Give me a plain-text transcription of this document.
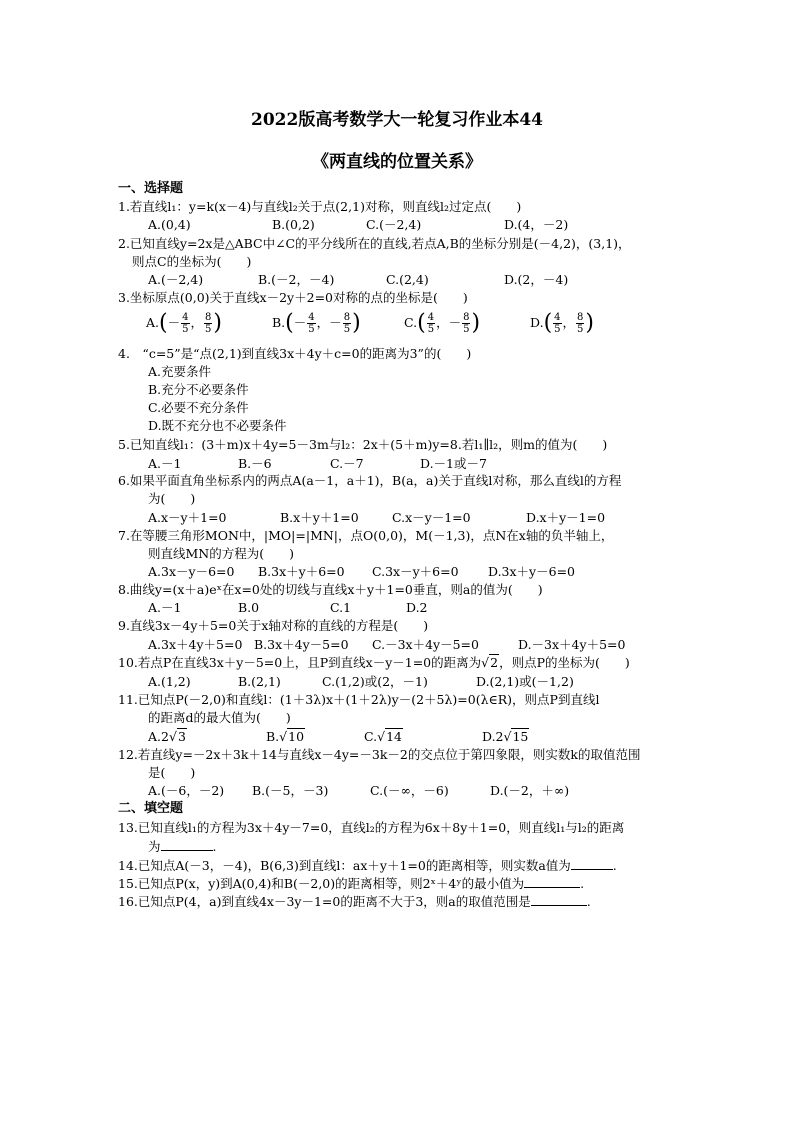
2022版高考数学大一轮复习作业本44
《两直线的位置关系》
一、选择题
1.若直线l₁：y=k(x－4)与直线l₂关于点(2,1)对称，则直线l₂过定点(　　)
A.(0,4)	B.(0,2)	C.(－2,4)	D.(4，－2)
2.已知直线y=2x是△ABC中∠C的平分线所在的直线,若点A,B的坐标分别是(－4,2)，(3,1)，
则点C的坐标为(　　)
A.(－2,4)	B.(－2，－4)	C.(2,4)	D.(2，－4)
3.坐标原点(0,0)关于直线x－2y＋2=0对称的点的坐标是(　　)
$A.(- \frac{4}{5}$ ， $\frac{8}{5}$ )	$B.(- \frac{4}{5}$ ，－ $\frac{8}{5}$ )	$C.( \frac{4}{5}$ ，－ $\frac{8}{5}$ )	$D.( \frac{4}{5}$ ， $\frac{8}{5}$ )
4.　“c=5”是“点(2,1)到直线3x＋4y＋c=0的距离为3”的(　　)
A.充要条件
B.充分不必要条件
C.必要不充分条件
D.既不充分也不必要条件
5.已知直线l₁：(3＋m)x＋4y=5－3m与l₂：2x＋(5＋m)y=8.若l₁∥l₂，则m的值为(　　)
A.－1	B.－6	C.－7	D.－1或－7
6.如果平面直角坐标系内的两点A(a－1，a＋1)，B(a，a)关于直线l对称，那么直线l的方程
为(　　)
A.x－y＋1=0	B.x＋y＋1=0	C.x－y－1=0	D.x＋y－1=0
7.在等腰三角形MON中，|MO|=|MN|，点O(0,0)，M(－1,3)，点N在x轴的负半轴上，
则直线MN的方程为(　　)
A.3x－y－6=0 B.3x＋y＋6=0 C.3x－y＋6=0 D.3x＋y－6=0
8.曲线y=(x＋a)eˣ在x=0处的切线与直线x＋y＋1=0垂直，则a的值为(　　)
A.－1	B.0	C.1	D.2
9.直线3x－4y＋5=0关于x轴对称的直线的方程是(　　)
A.3x＋4y＋5=0 B.3x＋4y－5=0 C.－3x＋4y－5=0	D.－3x＋4y＋5=0
10.若点P在直线3x＋y－5=0上，且P到直线x－y－1=0的距离为√2，则点P的坐标为(　　)
A.(1,2)	B.(2,1)	C.(1,2)或(2，－1)	D.(2,1)或(－1,2)
11.已知点P(－2,0)和直线l：(1＋3λ)x＋(1＋2λ)y－(2＋5λ)=0(λ∈R)，则点P到直线l
的距离d的最大值为(　　)
A.2√3	B.√10	C.√14	D.2√15
12.若直线y=－2x＋3k＋14与直线x－4y=－3k－2的交点位于第四象限，则实数k的取值范围
是(　　)
A.(－6，－2) B.(－5，－3)	C.(－∞，－6)	D.(－2，＋∞)
二、填空题
13.已知直线l₁的方程为3x＋4y－7=0，直线l₂的方程为6x＋8y＋1=0，则直线l₁与l₂的距离
为	.
14.已知点A(－3，－4)，B(6,3)到直线l：ax＋y＋1=0的距离相等，则实数a值为	.
15.已知点P(x，y)到A(0,4)和B(－2,0)的距离相等，则2ˣ＋4ʸ的最小值为	.
16.已知点P(4，a)到直线4x－3y－1=0的距离不大于3，则a的取值范围是	.
